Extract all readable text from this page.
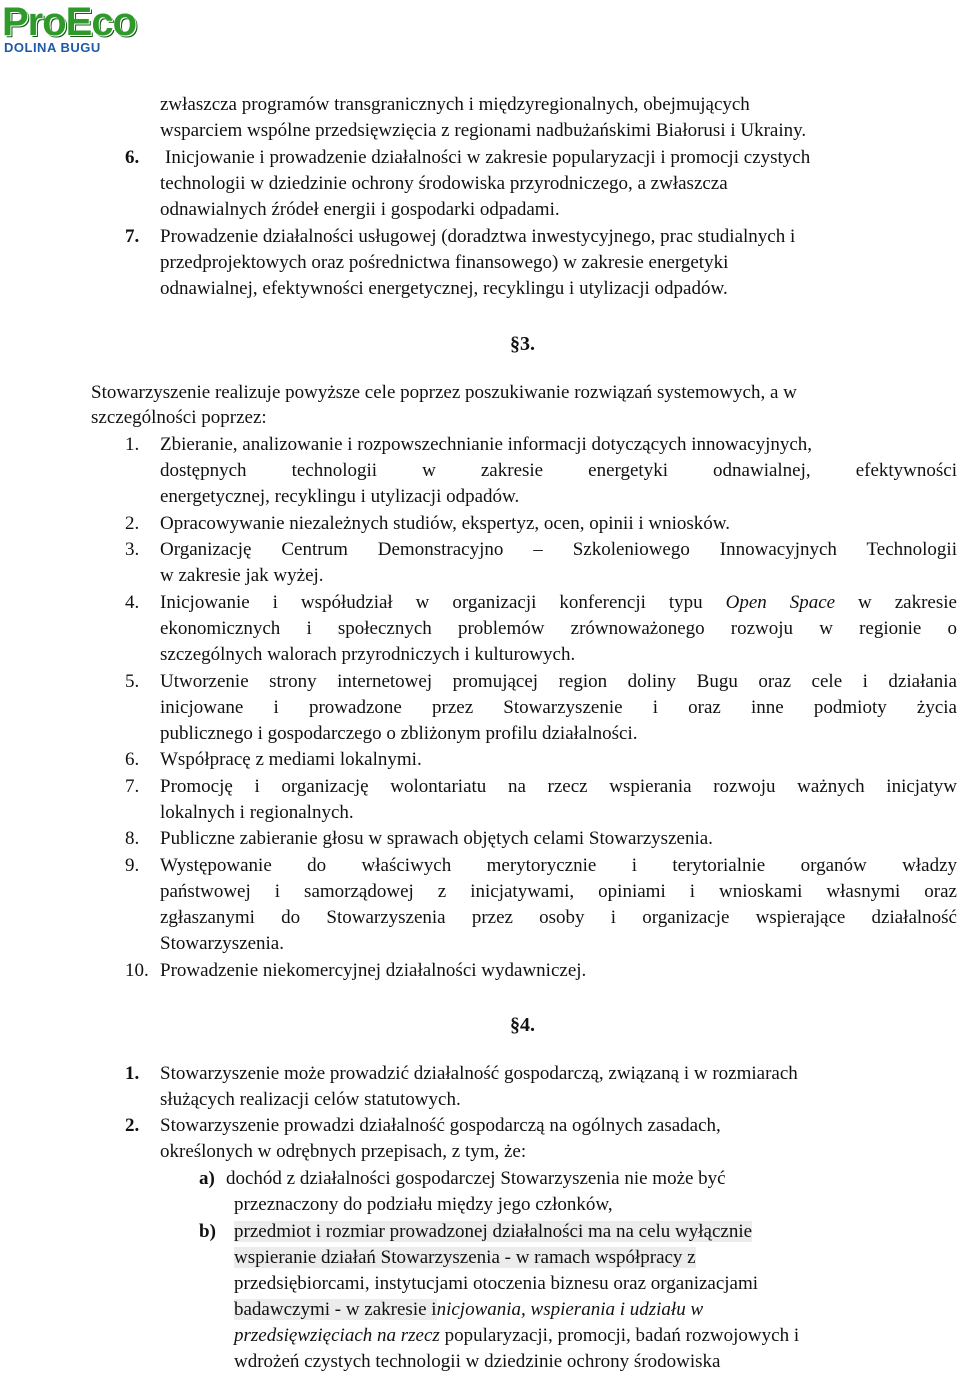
ProEco
DOLINA BUGU
zwłaszcza programów transgranicznych i międzyregionalnych, obejmujących
wsparciem wspólne przedsięwzięcia z regionami nadbużańskimi Białorusi i Ukrainy.
6. Inicjowanie i prowadzenie działalności w zakresie popularyzacji i promocji czystych
technologii w dziedzinie ochrony środowiska przyrodniczego, a zwłaszcza
odnawialnych źródeł energii i gospodarki odpadami.
7. Prowadzenie działalności usługowej (doradztwa inwestycyjnego, prac studialnych i
przedprojektowych oraz pośrednictwa finansowego) w zakresie energetyki
odnawialnej, efektywności energetycznej, recyklingu i utylizacji odpadów.
§3.
Stowarzyszenie realizuje powyższe cele poprzez poszukiwanie rozwiązań systemowych, a w
szczególności poprzez:
1. Zbieranie, analizowanie i rozpowszechnianie informacji dotyczących innowacyjnych,
dostępnych technologii w zakresie energetyki odnawialnej, efektywności
energetycznej, recyklingu i utylizacji odpadów.
2. Opracowywanie niezależnych studiów, ekspertyz, ocen, opinii i wniosków.
3. Organizację Centrum Demonstracyjno – Szkoleniowego Innowacyjnych Technologii
w zakresie jak wyżej.
4. Inicjowanie i współudział w organizacji konferencji typu Open Space w zakresie
ekonomicznych i społecznych problemów zrównoważonego rozwoju w regionie o
szczególnych walorach przyrodniczych i kulturowych.
5. Utworzenie strony internetowej promującej region doliny Bugu oraz cele i działania
inicjowane i prowadzone przez Stowarzyszenie i oraz inne podmioty życia
publicznego i gospodarczego o zbliżonym profilu działalności.
6. Współpracę z mediami lokalnymi.
7. Promocję i organizację wolontariatu na rzecz wspierania rozwoju ważnych inicjatyw
lokalnych i regionalnych.
8. Publiczne zabieranie głosu w sprawach objętych celami Stowarzyszenia.
9. Występowanie do właściwych merytorycznie i terytorialnie organów władzy
państwowej i samorządowej z inicjatywami, opiniami i wnioskami własnymi oraz
zgłaszanymi do Stowarzyszenia przez osoby i organizacje wspierające działalność
Stowarzyszenia.
10. Prowadzenie niekomercyjnej działalności wydawniczej.
§4.
1. Stowarzyszenie może prowadzić działalność gospodarczą, związaną i w rozmiarach
służących realizacji celów statutowych.
2. Stowarzyszenie prowadzi działalność gospodarczą na ogólnych zasadach,
określonych w odrębnych przepisach, z tym, że:
a) dochód z działalności gospodarczej Stowarzyszenia nie może być
przeznaczony do podziału między jego członków,
b) przedmiot i rozmiar prowadzonej działalności ma na celu wyłącznie
wspieranie działań Stowarzyszenia - w ramach współpracy z
przedsiębiorcami, instytucjami otoczenia biznesu oraz organizacjami
badawczymi - w zakresie inicjowania, wspierania i udziału w
przedsięwzięciach na rzecz popularyzacji, promocji, badań rozwojowych i
wdrożeń czystych technologii w dziedzinie ochrony środowiska
